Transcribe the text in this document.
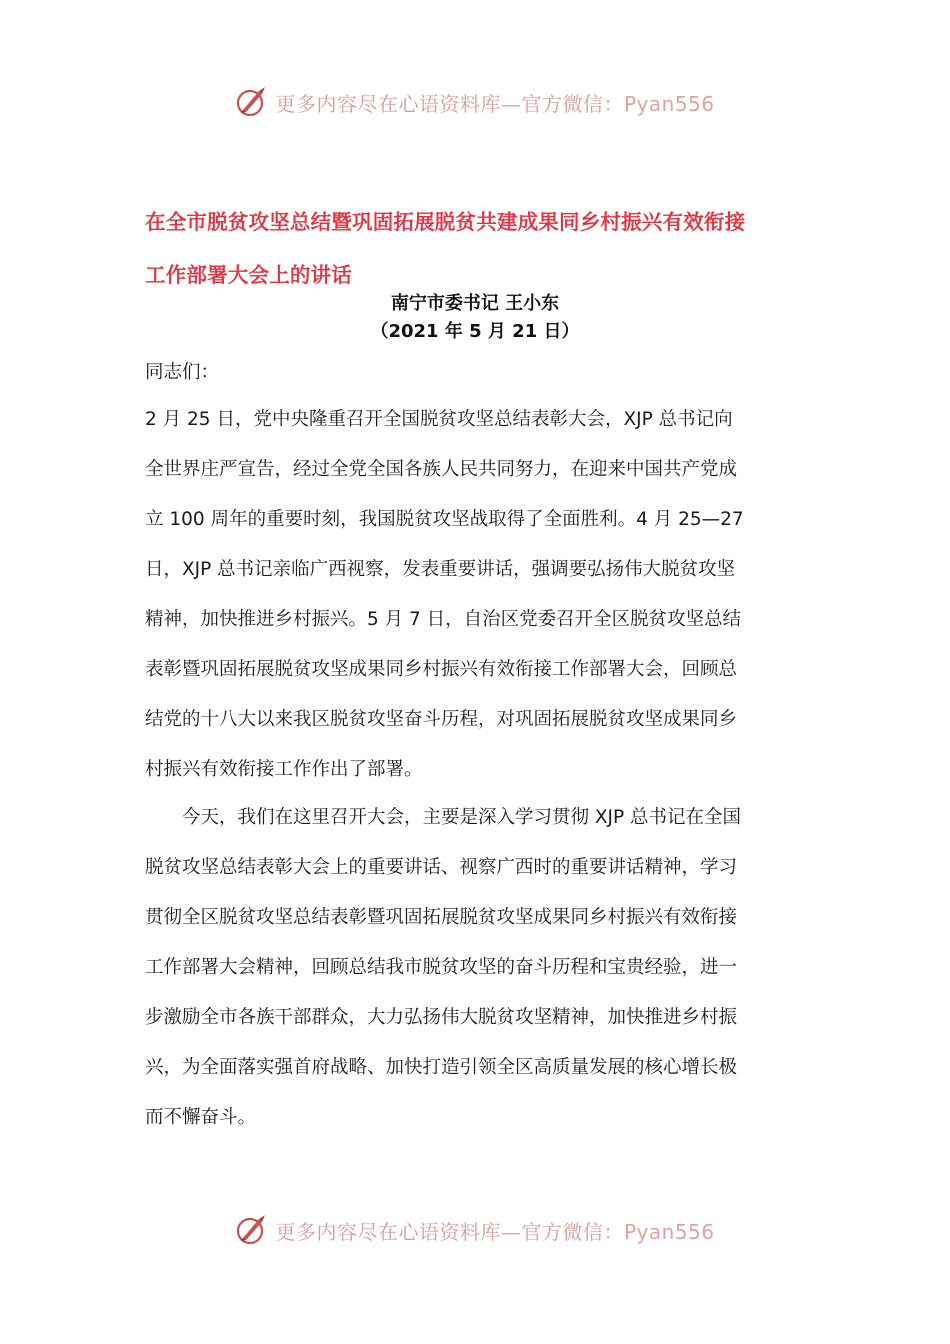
更多内容尽在心语资料库—官方微信：Pyan556
在全市脱贫攻坚总结暨巩固拓展脱贫共建成果同乡村振兴有效衔接
工作部署大会上的讲话
南宁市委书记 王小东
（2021 年 5 月 21 日）
同志们：
2 月 25 日，党中央隆重召开全国脱贫攻坚总结表彰大会，XJP 总书记向
全世界庄严宣告，经过全党全国各族人民共同努力，在迎来中国共产党成
立 100 周年的重要时刻，我国脱贫攻坚战取得了全面胜利。4 月 25—27
日，XJP 总书记亲临广西视察，发表重要讲话，强调要弘扬伟大脱贫攻坚
精神，加快推进乡村振兴。5 月 7 日，自治区党委召开全区脱贫攻坚总结
表彰暨巩固拓展脱贫攻坚成果同乡村振兴有效衔接工作部署大会，回顾总
结党的十八大以来我区脱贫攻坚奋斗历程，对巩固拓展脱贫攻坚成果同乡
村振兴有效衔接工作作出了部署。
今天，我们在这里召开大会，主要是深入学习贯彻 XJP 总书记在全国
脱贫攻坚总结表彰大会上的重要讲话、视察广西时的重要讲话精神，学习
贯彻全区脱贫攻坚总结表彰暨巩固拓展脱贫攻坚成果同乡村振兴有效衔接
工作部署大会精神，回顾总结我市脱贫攻坚的奋斗历程和宝贵经验，进一
步激励全市各族干部群众，大力弘扬伟大脱贫攻坚精神，加快推进乡村振
兴，为全面落实强首府战略、加快打造引领全区高质量发展的核心增长极
而不懈奋斗。
更多内容尽在心语资料库—官方微信：Pyan556
